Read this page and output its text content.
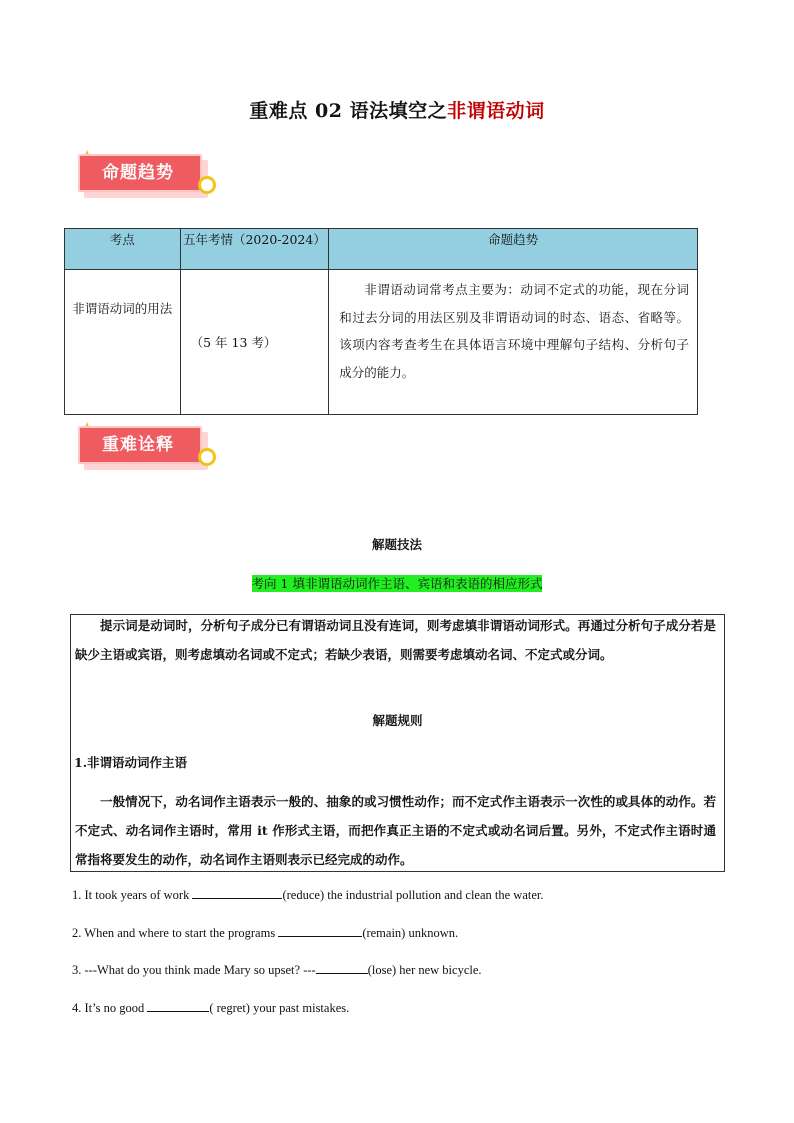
重难点 02 语法填空之非谓语动词
命题趋势
考点	五年考情（2020-2024）	命题趋势
非谓语动词的用法	（5 年 13 考）	非谓语动词常考点主要为：动词不定式的功能，现在分词和过去分词的用法区别及非谓语动词的时态、语态、省略等。该项内容考查考生在具体语言环境中理解句子结构、分析句子成分的能力。
重难诠释
解题技法
考向 1 填非谓语动词作主语、宾语和表语的相应形式
提示词是动词时，分析句子成分已有谓语动词且没有连词，则考虑填非谓语动词形式。再通过分析句子成分若是缺少主语或宾语，则考虑填动名词或不定式；若缺少表语，则需要考虑填动名词、不定式或分词。
解题规则
1.非谓语动词作主语
一般情况下，动名词作主语表示一般的、抽象的或习惯性动作；而不定式作主语表示一次性的或具体的动作。若不定式、动名词作主语时，常用 it 作形式主语，而把作真正主语的不定式或动名词后置。另外，不定式作主语时通常指将要发生的动作，动名词作主语则表示已经完成的动作。
1. It took years of work	(reduce) the industrial pollution and clean the water.
2. When and where to start the programs	(remain) unknown.
3. ---What do you think made Mary so upset? ---	(lose) her new bicycle.
4. It’s no good	( regret) your past mistakes.
